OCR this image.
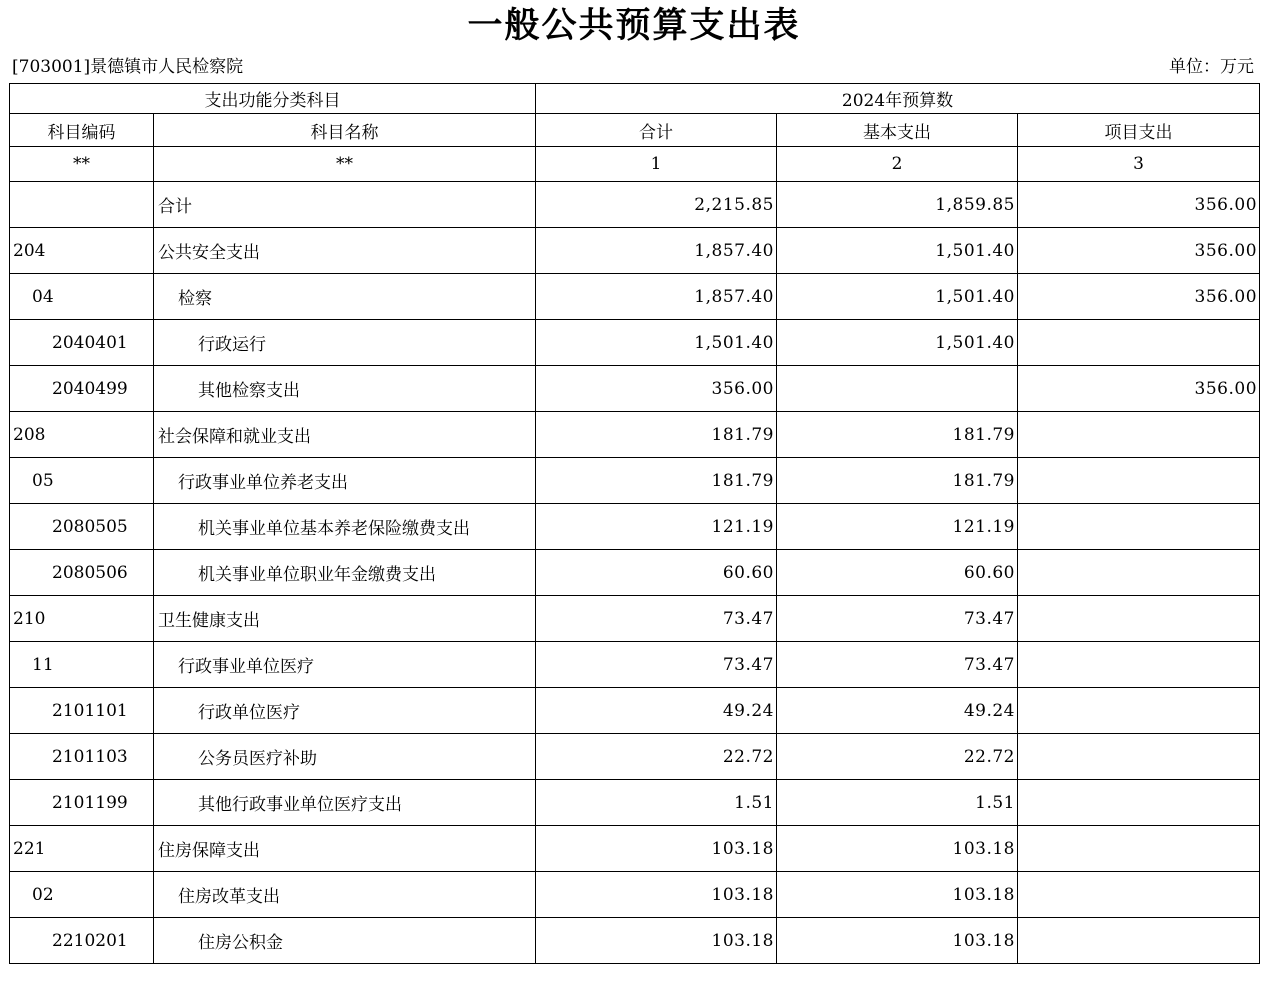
一般公共预算支出表
[703001]景德镇市人民检察院	单位：万元
支出功能分类科目		2024年预算数		
科目编码	科目名称	合计	基本支出	项目支出
**	**	1	2	3
	合计	2,215.85	1,859.85	356.00
204	公共安全支出	1,857.40	1,501.40	356.00
04	检察	1,857.40	1,501.40	356.00
2040401	行政运行	1,501.40	1,501.40	
2040499	其他检察支出	356.00		356.00
208	社会保障和就业支出	181.79	181.79	
05	行政事业单位养老支出	181.79	181.79	
2080505	机关事业单位基本养老保险缴费支出	121.19	121.19	
2080506	机关事业单位职业年金缴费支出	60.60	60.60	
210	卫生健康支出	73.47	73.47	
11	行政事业单位医疗	73.47	73.47	
2101101	行政单位医疗	49.24	49.24	
2101103	公务员医疗补助	22.72	22.72	
2101199	其他行政事业单位医疗支出	1.51	1.51	
221	住房保障支出	103.18	103.18	
02	住房改革支出	103.18	103.18	
2210201	住房公积金	103.18	103.18	
